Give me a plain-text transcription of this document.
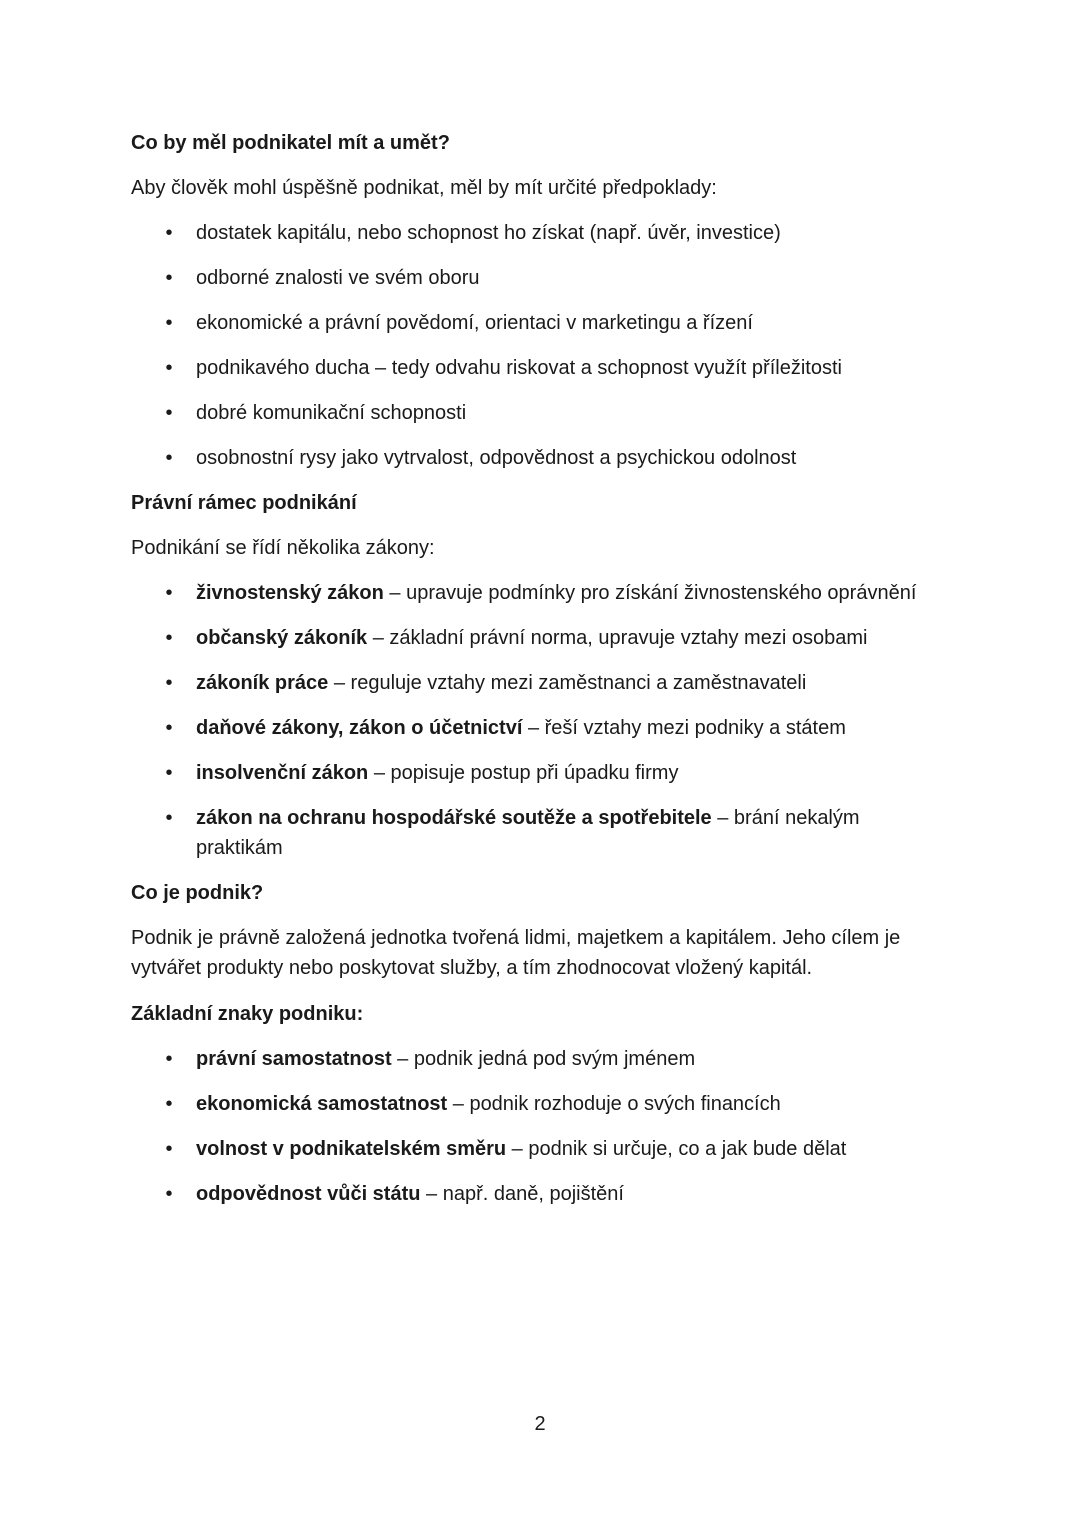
Co by měl podnikatel mít a umět?
Aby člověk mohl úspěšně podnikat, měl by mít určité předpoklady:
• dostatek kapitálu, nebo schopnost ho získat (např. úvěr, investice)
• odborné znalosti ve svém oboru
• ekonomické a právní povědomí, orientaci v marketingu a řízení
• podnikavého ducha – tedy odvahu riskovat a schopnost využít příležitosti
• dobré komunikační schopnosti
• osobnostní rysy jako vytrvalost, odpovědnost a psychickou odolnost
Právní rámec podnikání
Podnikání se řídí několika zákony:
• živnostenský zákon – upravuje podmínky pro získání živnostenského oprávnění
• občanský zákoník – základní právní norma, upravuje vztahy mezi osobami
• zákoník práce – reguluje vztahy mezi zaměstnanci a zaměstnavateli
• daňové zákony, zákon o účetnictví – řeší vztahy mezi podniky a státem
• insolvenční zákon – popisuje postup při úpadku firmy
• zákon na ochranu hospodářské soutěže a spotřebitele – brání nekalým praktikám
Co je podnik?
Podnik je právně založená jednotka tvořená lidmi, majetkem a kapitálem. Jeho cílem je vytvářet produkty nebo poskytovat služby, a tím zhodnocovat vložený kapitál.
Základní znaky podniku:
• právní samostatnost – podnik jedná pod svým jménem
• ekonomická samostatnost – podnik rozhoduje o svých financích
• volnost v podnikatelském směru – podnik si určuje, co a jak bude dělat
• odpovědnost vůči státu – např. daně, pojištění
2
